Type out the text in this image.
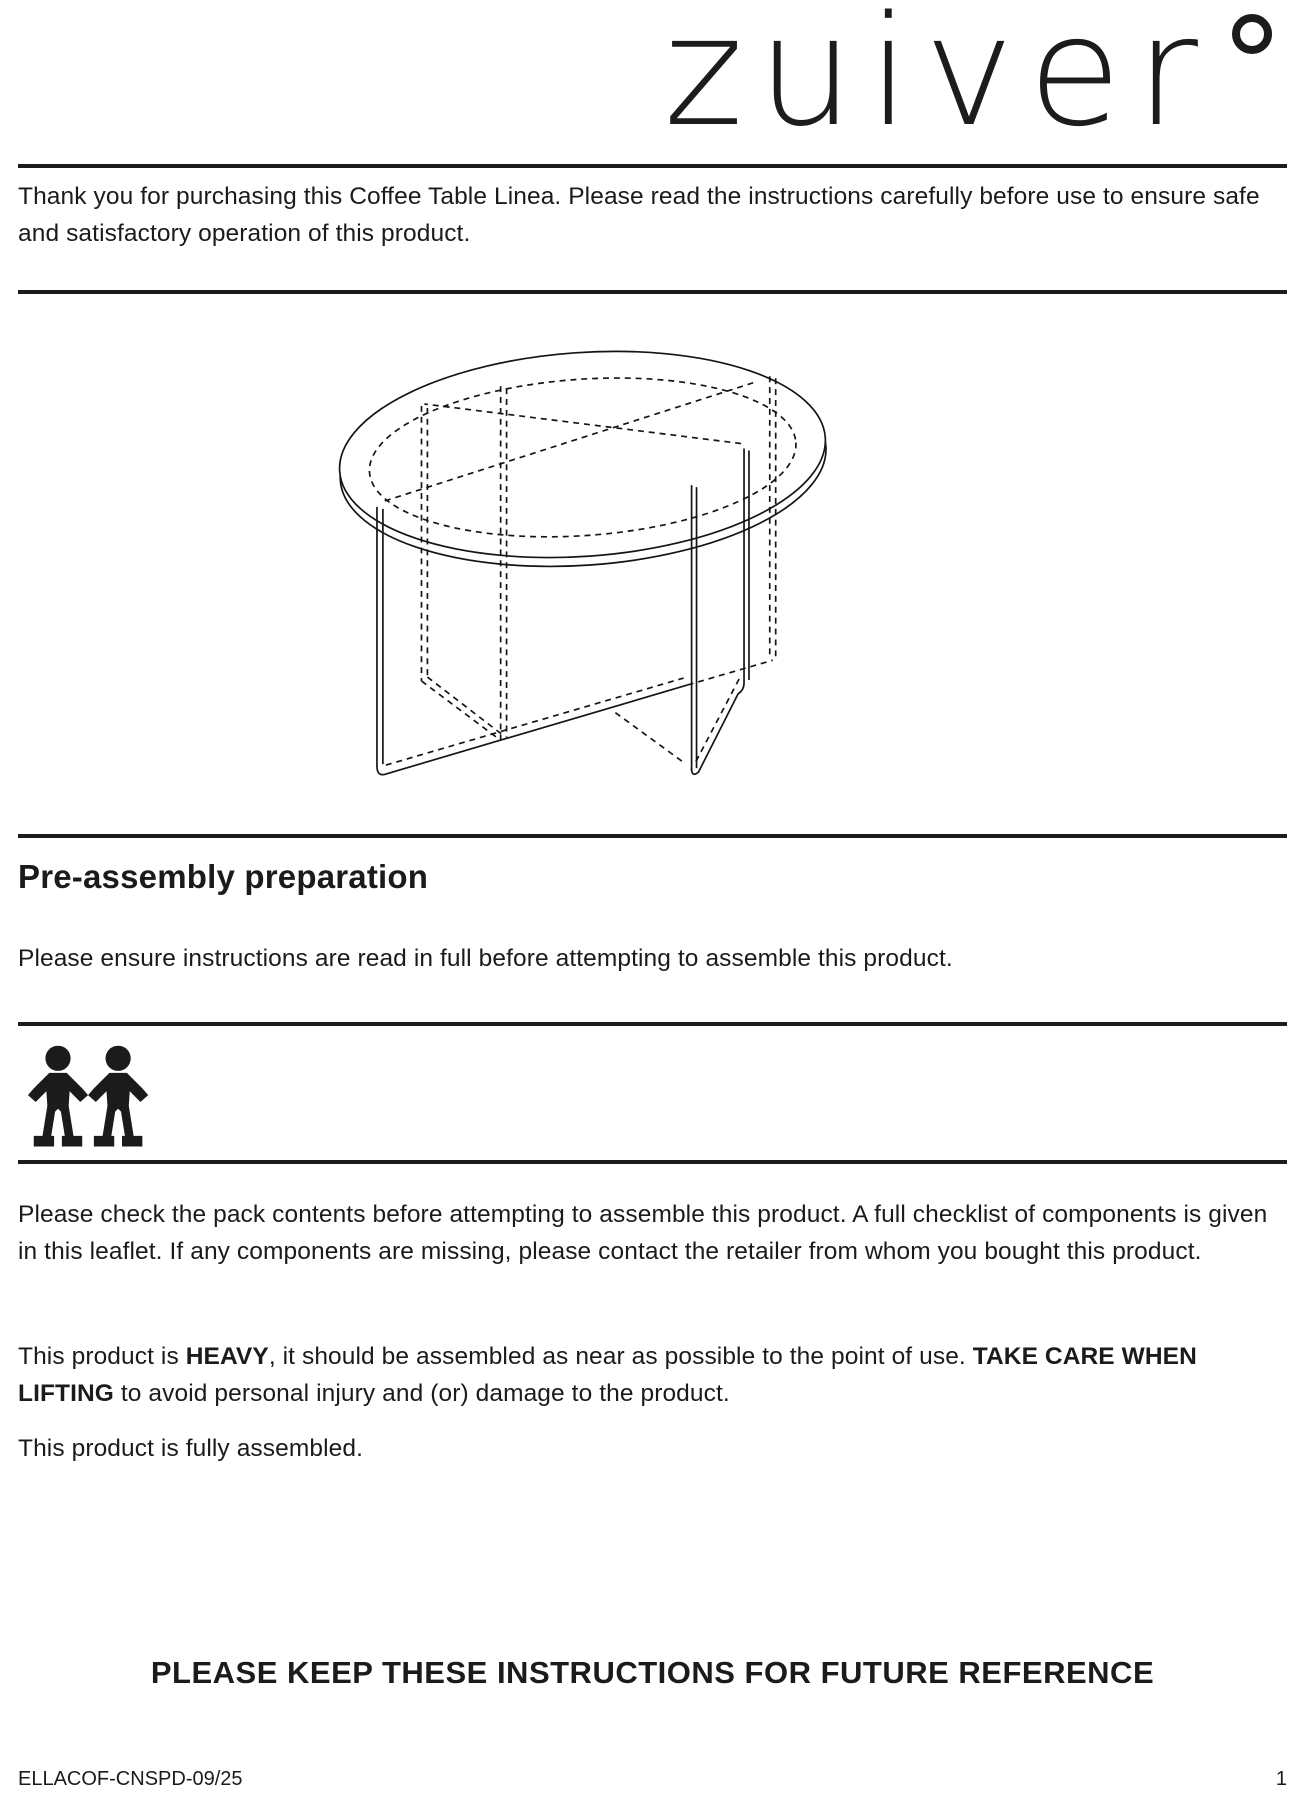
zuiver

Thank you for purchasing this Coffee Table Linea. Please read the instructions carefully before use to ensure safe and satisfactory operation of this product.

Pre-assembly preparation

Please ensure instructions are read in full before attempting to assemble this product.

Please check the pack contents before attempting to assemble this product. A full checklist of components is given in this leaflet. If any components are missing, please contact the retailer from whom you bought this product.

This product is HEAVY, it should be assembled as near as possible to the point of use. TAKE CARE WHEN LIFTING to avoid personal injury and (or) damage to the product.

This product is fully assembled.

PLEASE KEEP THESE INSTRUCTIONS FOR FUTURE REFERENCE
ELLACOF-CNSPD-09/25	1
